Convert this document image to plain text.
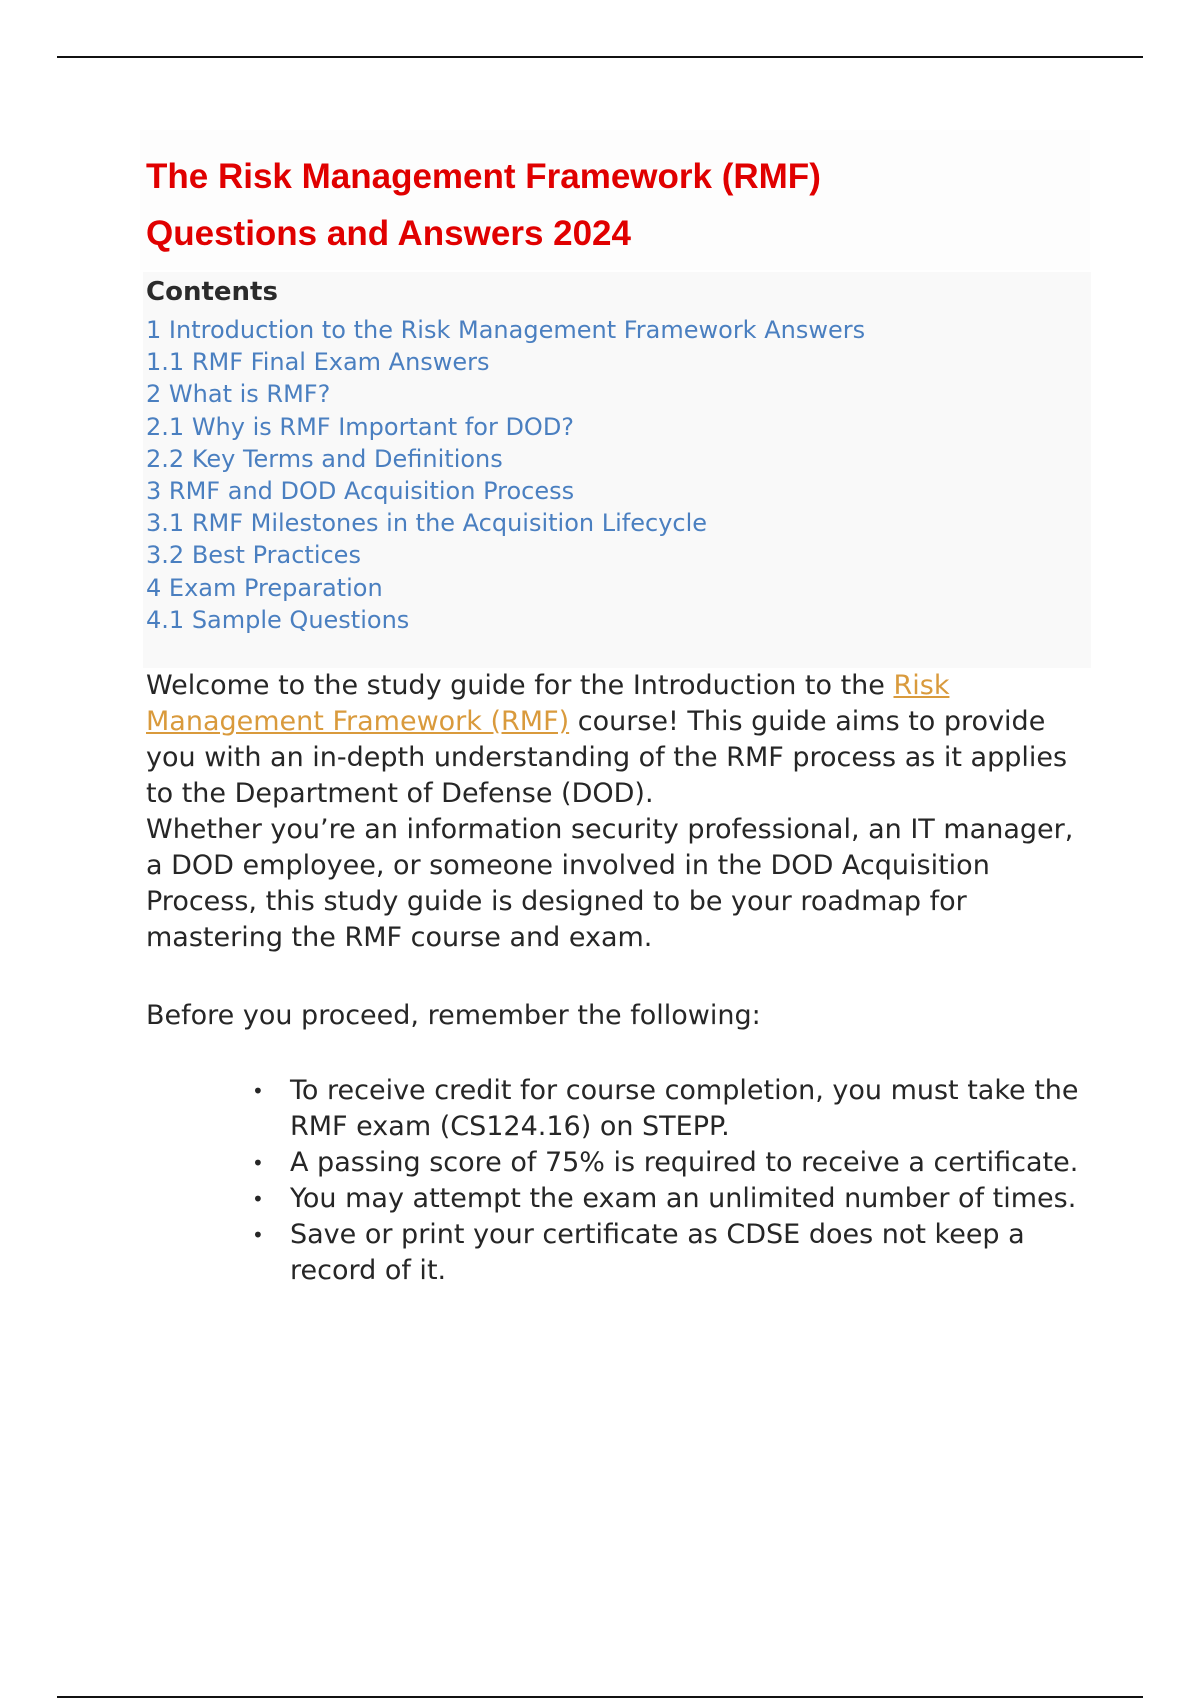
The Risk Management Framework (RMF)
Questions and Answers 2024
Contents
1 Introduction to the Risk Management Framework Answers
1.1 RMF Final Exam Answers
2 What is RMF?
2.1 Why is RMF Important for DOD?
2.2 Key Terms and Definitions
3 RMF and DOD Acquisition Process
3.1 RMF Milestones in the Acquisition Lifecycle
3.2 Best Practices
4 Exam Preparation
4.1 Sample Questions

Welcome to the study guide for the Introduction to the Risk Management Framework (RMF) course! This guide aims to provide you with an in-depth understanding of the RMF process as it applies to the Department of Defense (DOD).
Whether you’re an information security professional, an IT manager, a DOD employee, or someone involved in the DOD Acquisition Process, this study guide is designed to be your roadmap for mastering the RMF course and exam.

Before you proceed, remember the following:

• To receive credit for course completion, you must take the RMF exam (CS124.16) on STEPP.
• A passing score of 75% is required to receive a certificate.
• You may attempt the exam an unlimited number of times.
• Save or print your certificate as CDSE does not keep a record of it.
